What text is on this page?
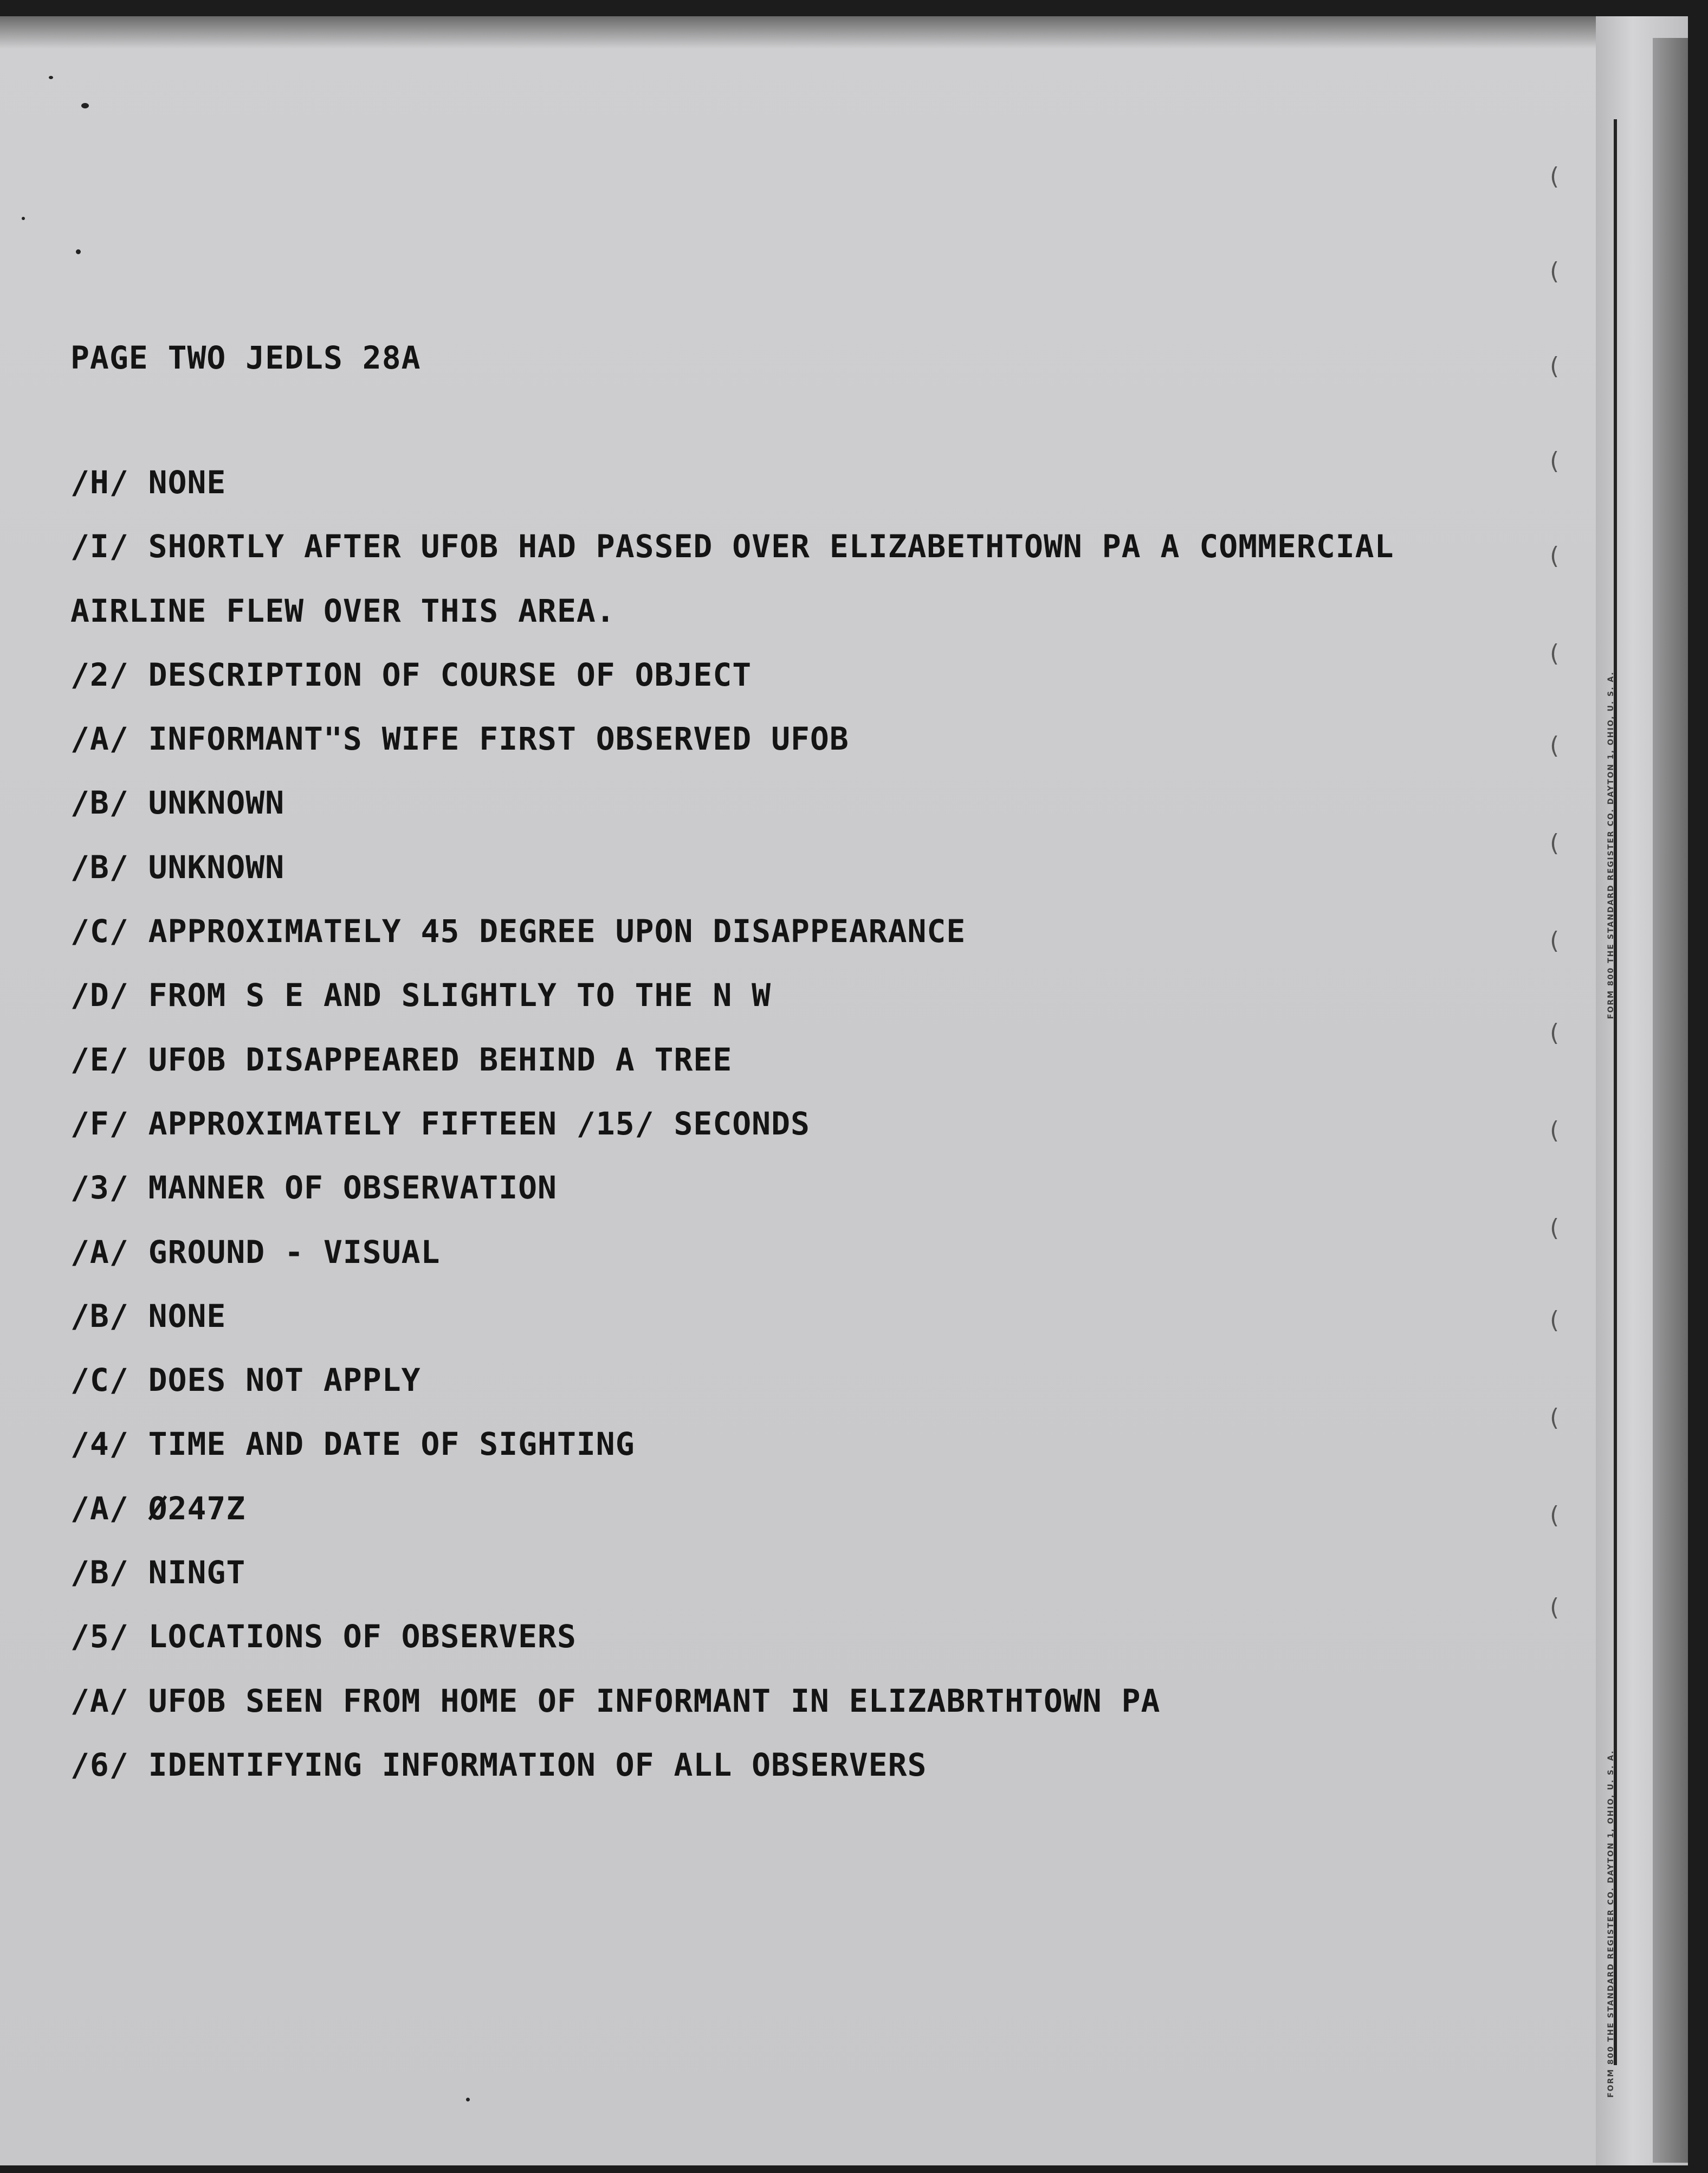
(
(
(
(
(
(
(
(
(
(
(
(
(
(
(
(
FORM 800 THE STANDARD REGISTER CO. DAYTON 1, OHIO, U. S. A.
FORM 800 THE STANDARD REGISTER CO. DAYTON 1, OHIO, U. S. A.
PAGE TWO JEDLS 28A
/H/ NONE
/I/ SHORTLY AFTER UFOB HAD PASSED OVER ELIZABETHTOWN PA A COMMERCIAL
AIRLINE FLEW OVER THIS AREA.
/2/ DESCRIPTION OF COURSE OF OBJECT
/A/ INFORMANT"S WIFE FIRST OBSERVED UFOB
/B/ UNKNOWN
/B/ UNKNOWN
/C/ APPROXIMATELY 45 DEGREE UPON DISAPPEARANCE
/D/ FROM S E AND SLIGHTLY TO THE N W
/E/ UFOB DISAPPEARED BEHIND A TREE
/F/ APPROXIMATELY FIFTEEN /15/ SECONDS
/3/ MANNER OF OBSERVATION
/A/ GROUND - VISUAL
/B/ NONE
/C/ DOES NOT APPLY
/4/ TIME AND DATE OF SIGHTING
/A/ Ø247Z
/B/ NINGT
/5/ LOCATIONS OF OBSERVERS
/A/ UFOB SEEN FROM HOME OF INFORMANT IN ELIZABRTHTOWN PA
/6/ IDENTIFYING INFORMATION OF ALL OBSERVERS
